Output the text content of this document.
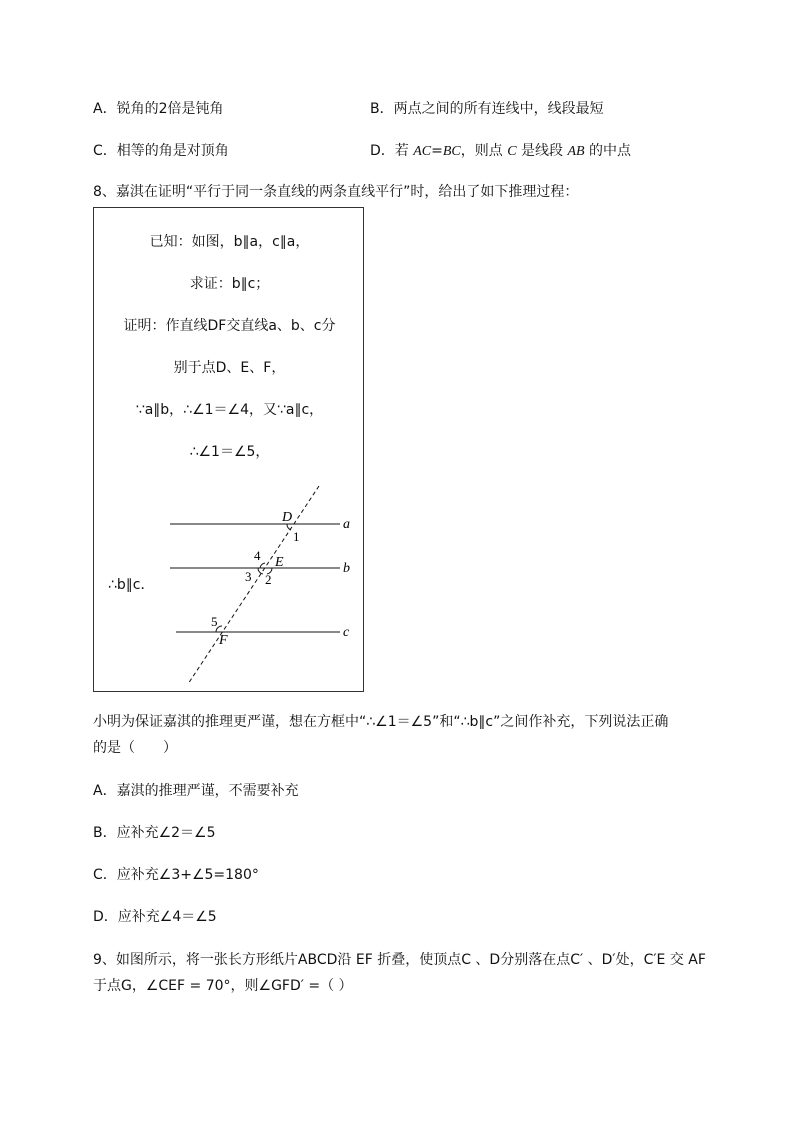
A．锐角的2倍是钝角	B．两点之间的所有连线中，线段最短
C．相等的角是对顶角	D．若 AC=BC，则点 C 是线段 AB 的中点
8、嘉淇在证明“平行于同一条直线的两条直线平行”时，给出了如下推理过程：
已知：如图，b∥a，c∥a，
求证：b∥c；
证明：作直线DF交直线a、b、c分
别于点D、E、F，
∵a∥b，∴∠1＝∠4，又∵a∥c，
∴∠1＝∠5，
∴b∥c．
D
1
a
4 E
3 2
b
5
F
c
小明为保证嘉淇的推理更严谨，想在方框中“∴∠1＝∠5”和“∴b∥c”之间作补充，下列说法正确
的是（　　）
A．嘉淇的推理严谨，不需要补充
B．应补充∠2＝∠5
C．应补充∠3+∠5=180°
D．应补充∠4＝∠5
9、如图所示，将一张长方形纸片ABCD沿 EF 折叠，使顶点C 、D分别落在点C′ 、D′处，C′E 交 AF
于点G，∠CEF = 70°，则∠GFD′ =（ ）
